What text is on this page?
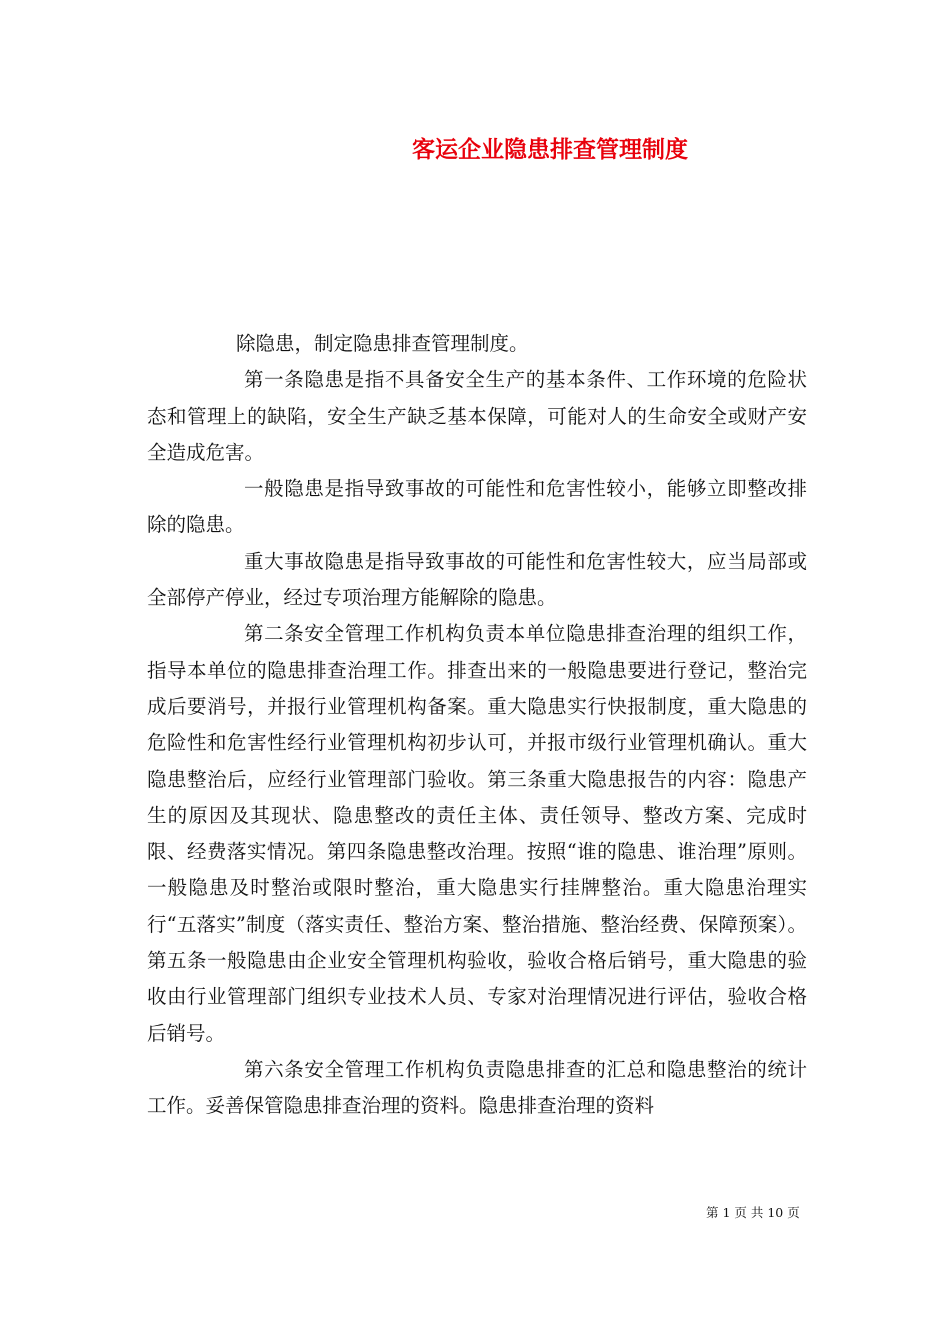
客运企业隐患排查管理制度

除隐患，制定隐患排查管理制度。

第一条隐患是指不具备安全生产的基本条件、工作环境的危险状态和管理上的缺陷，安全生产缺乏基本保障，可能对人的生命安全或财产安全造成危害。

一般隐患是指导致事故的可能性和危害性较小，能够立即整改排除的隐患。

重大事故隐患是指导致事故的可能性和危害性较大，应当局部或全部停产停业，经过专项治理方能解除的隐患。

第二条安全管理工作机构负责本单位隐患排查治理的组织工作，指导本单位的隐患排查治理工作。排查出来的一般隐患要进行登记，整治完成后要消号，并报行业管理机构备案。重大隐患实行快报制度，重大隐患的危险性和危害性经行业管理机构初步认可，并报市级行业管理机确认。重大隐患整治后，应经行业管理部门验收。第三条重大隐患报告的内容：隐患产生的原因及其现状、隐患整改的责任主体、责任领导、整改方案、完成时限、经费落实情况。第四条隐患整改治理。按照“谁的隐患、谁治理”原则。一般隐患及时整治或限时整治，重大隐患实行挂牌整治。重大隐患治理实行“五落实”制度（落实责任、整治方案、整治措施、整治经费、保障预案）。第五条一般隐患由企业安全管理机构验收，验收合格后销号，重大隐患的验收由行业管理部门组织专业技术人员、专家对治理情况进行评估，验收合格后销号。

第六条安全管理工作机构负责隐患排查的汇总和隐患整治的统计工作。妥善保管隐患排查治理的资料。隐患排查治理的资料

第 1 页 共 10 页
